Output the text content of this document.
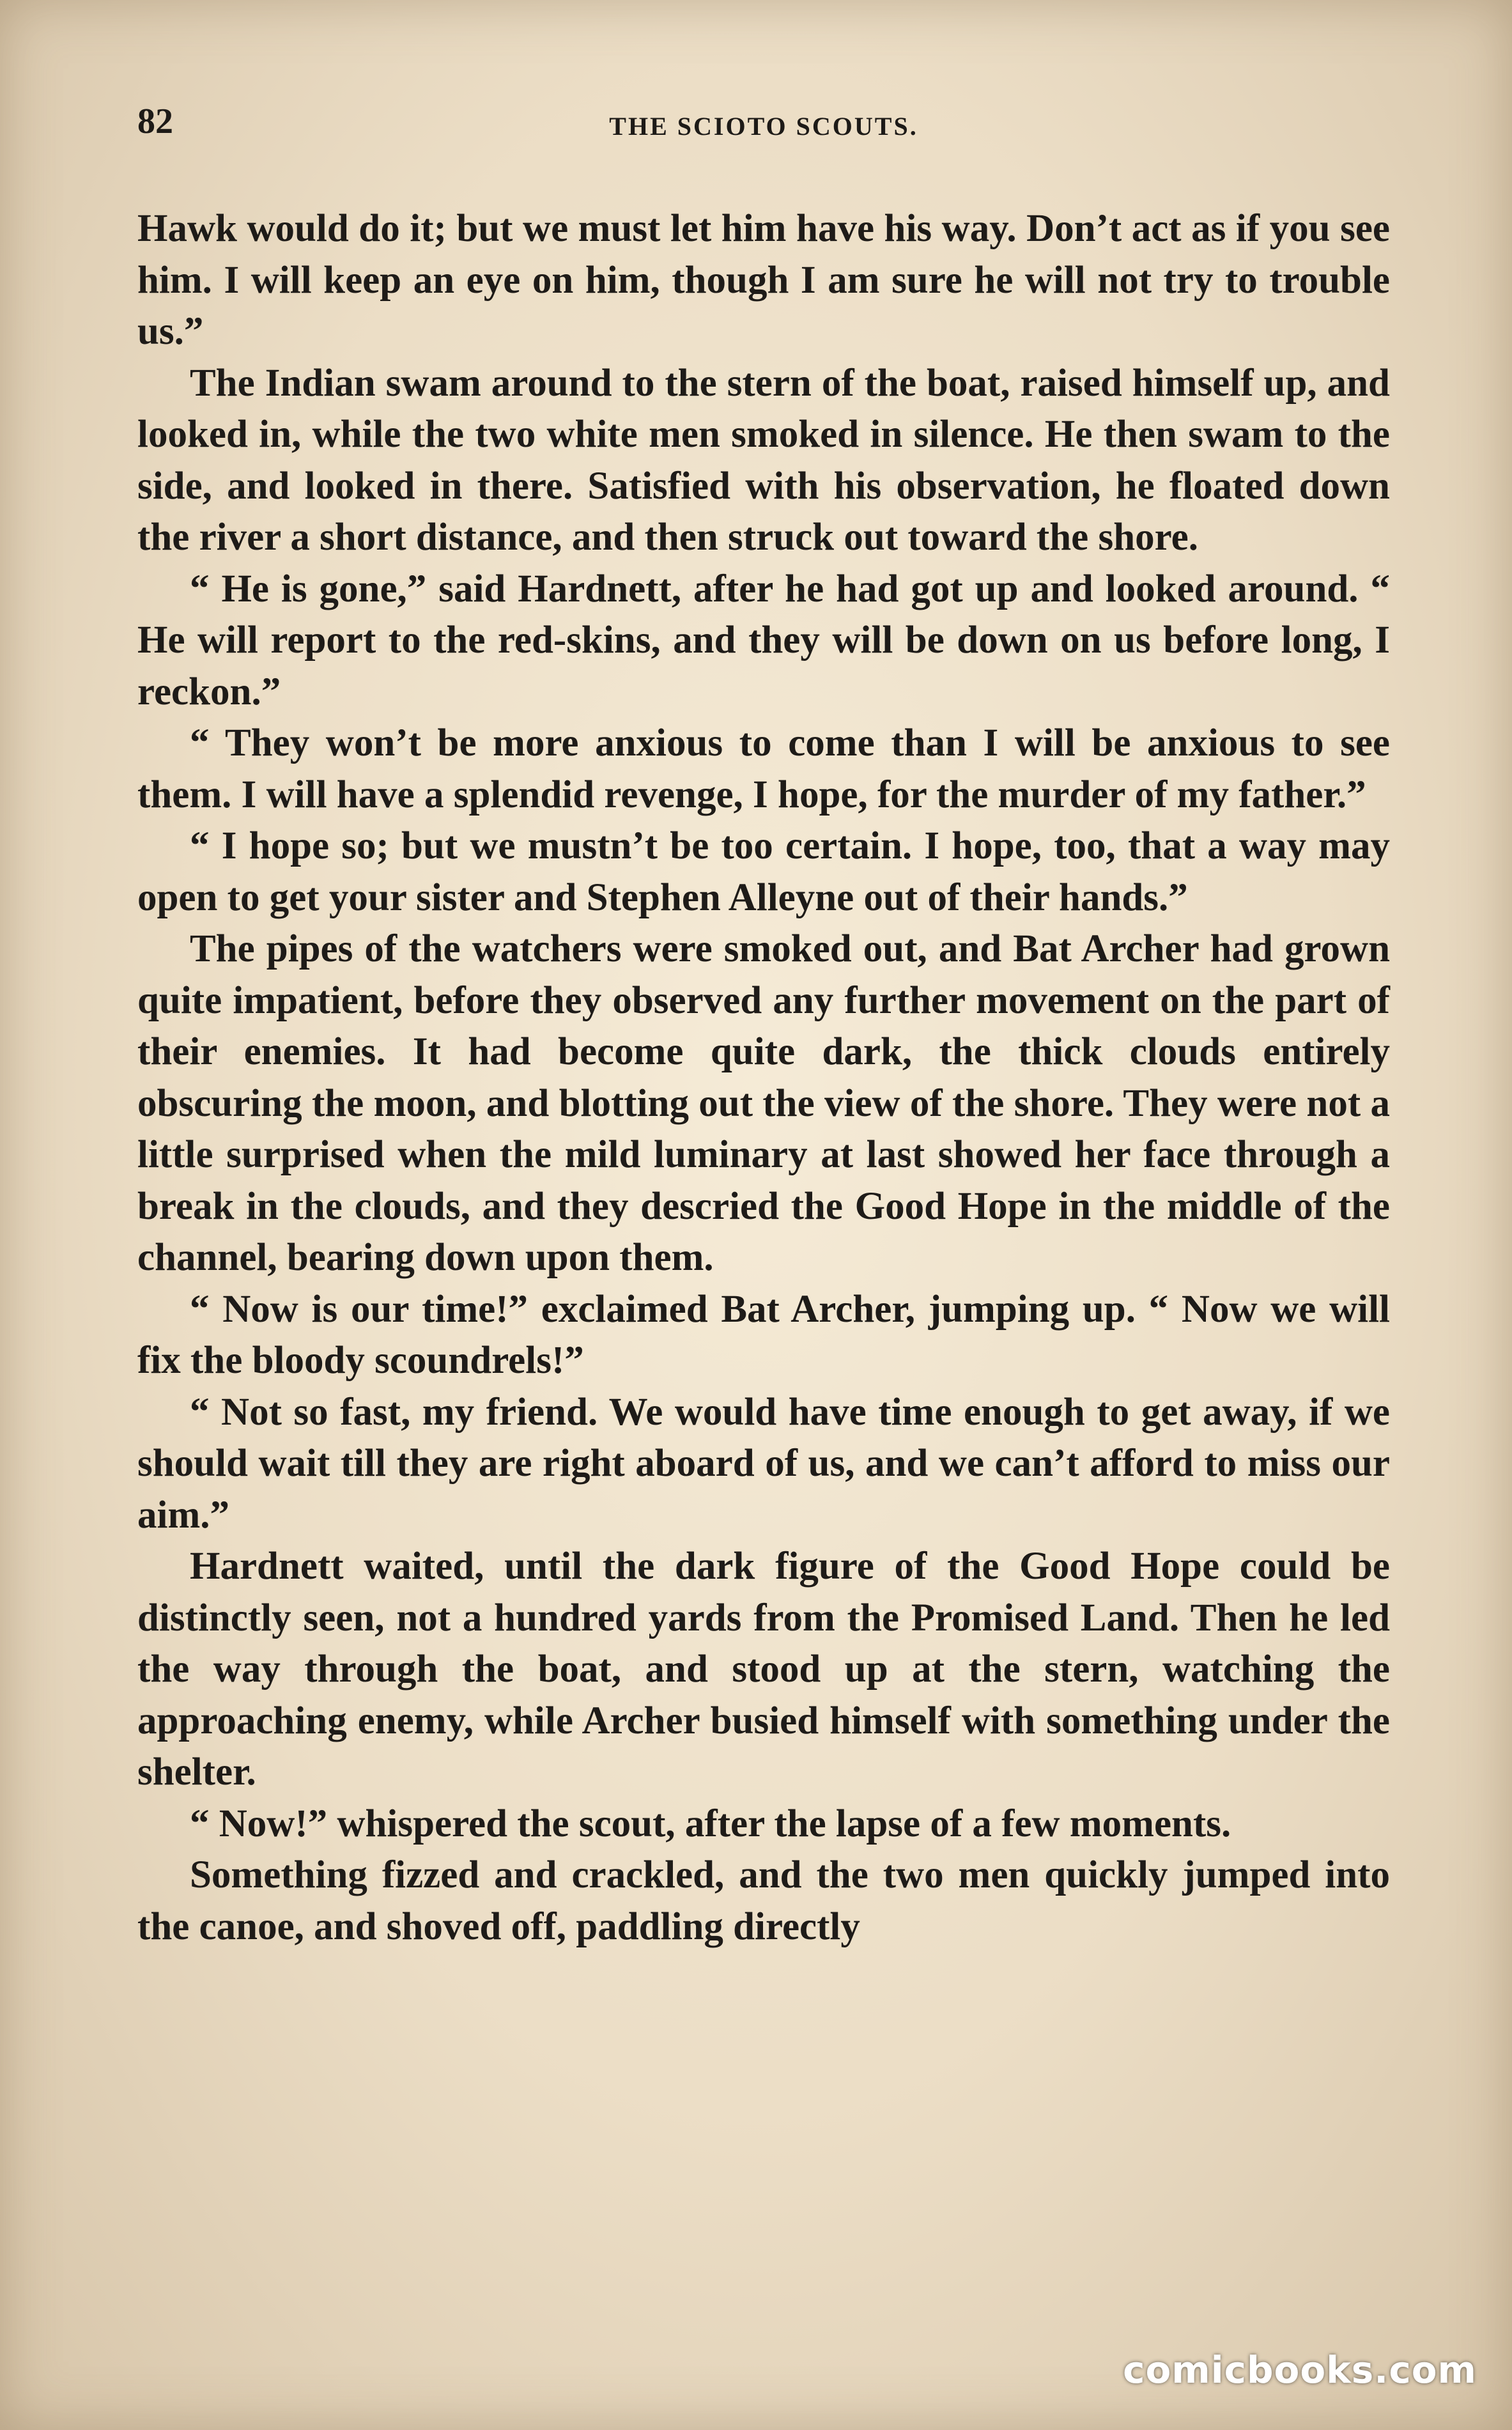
82	THE SCIOTO SCOUTS.

Hawk would do it; but we must let him have his way. Don’t act as if you see him. I will keep an eye on him, though I am sure he will not try to trouble us.”

The Indian swam around to the stern of the boat, raised himself up, and looked in, while the two white men smoked in silence. He then swam to the side, and looked in there. Satisfied with his observation, he floated down the river a short distance, and then struck out toward the shore.

“ He is gone,” said Hardnett, after he had got up and looked around. “ He will report to the red-skins, and they will be down on us before long, I reckon.”

“ They won’t be more anxious to come than I will be anxious to see them. I will have a splendid revenge, I hope, for the murder of my father.”

“ I hope so; but we mustn’t be too certain. I hope, too, that a way may open to get your sister and Stephen Alleyne out of their hands.”

The pipes of the watchers were smoked out, and Bat Archer had grown quite impatient, before they observed any further movement on the part of their enemies. It had become quite dark, the thick clouds entirely obscuring the moon, and blotting out the view of the shore. They were not a little surprised when the mild luminary at last showed her face through a break in the clouds, and they descried the Good Hope in the middle of the channel, bearing down upon them.

“ Now is our time!” exclaimed Bat Archer, jumping up. “ Now we will fix the bloody scoundrels!”

“ Not so fast, my friend. We would have time enough to get away, if we should wait till they are right aboard of us, and we can’t afford to miss our aim.”

Hardnett waited, until the dark figure of the Good Hope could be distinctly seen, not a hundred yards from the Promised Land. Then he led the way through the boat, and stood up at the stern, watching the approaching enemy, while Archer busied himself with something under the shelter.

“ Now!” whispered the scout, after the lapse of a few moments.

Something fizzed and crackled, and the two men quickly jumped into the canoe, and shoved off, paddling directly

comicbooks.com
